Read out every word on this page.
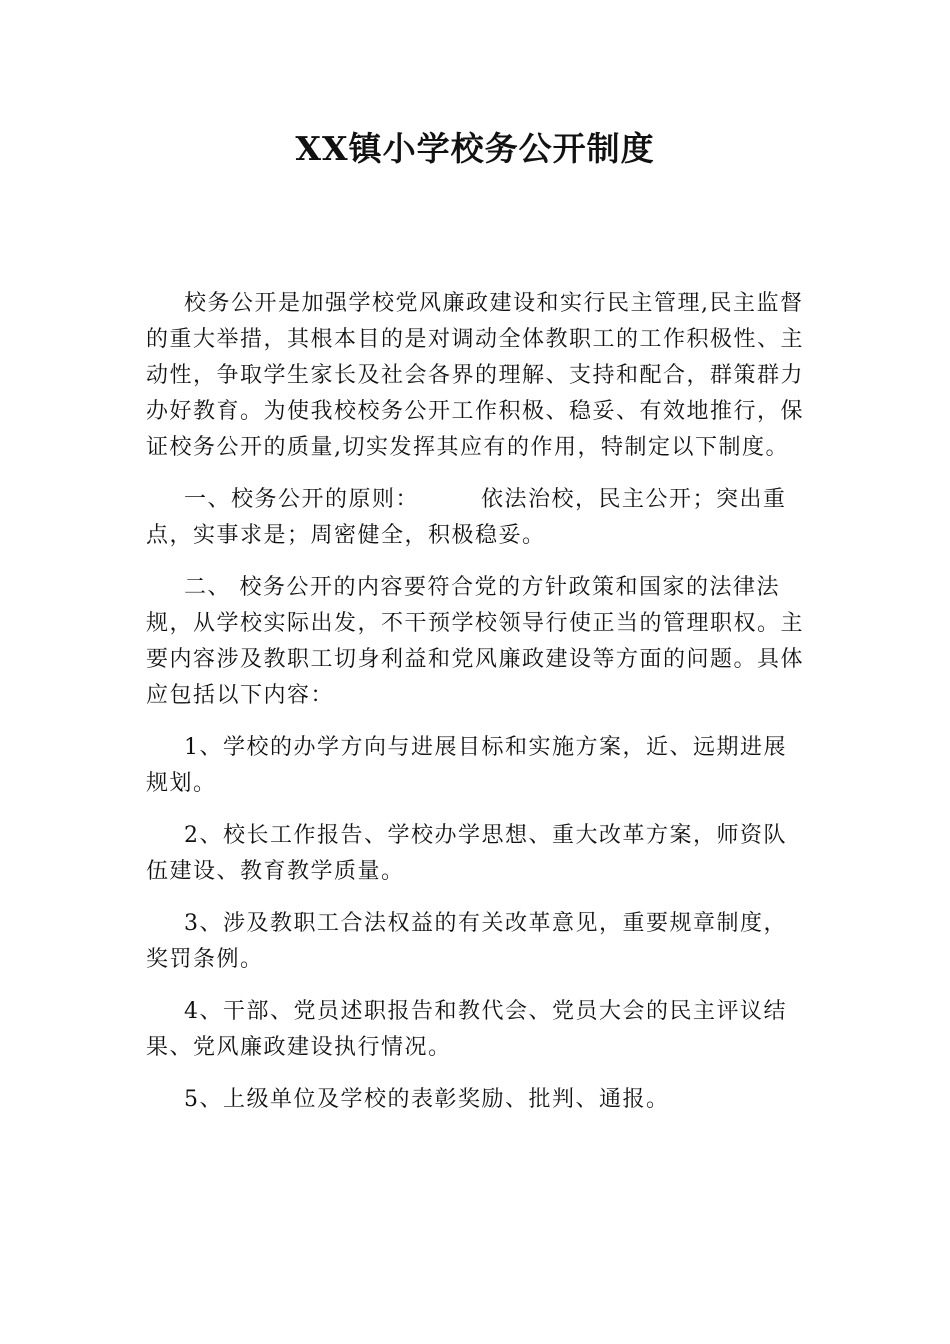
XX镇小学校务公开制度

校务公开是加强学校党风廉政建设和实行民主管理,民主监督的重大举措，其根本目的是对调动全体教职工的工作积极性、主动性，争取学生家长及社会各界的理解、支持和配合，群策群力办好教育。为使我校校务公开工作积极、稳妥、有效地推行，保证校务公开的质量,切实发挥其应有的作用，特制定以下制度。

一、校务公开的原则：	依法治校，民主公开；突出重点，实事求是；周密健全，积极稳妥。

二、 校务公开的内容要符合党的方针政策和国家的法律法规，从学校实际出发，不干预学校领导行使正当的管理职权。主要内容涉及教职工切身利益和党风廉政建设等方面的问题。具体应包括以下内容：

1、学校的办学方向与进展目标和实施方案，近、远期进展规划。

2、校长工作报告、学校办学思想、重大改革方案，师资队伍建设、教育教学质量。

3、涉及教职工合法权益的有关改革意见，重要规章制度，奖罚条例。

4、干部、党员述职报告和教代会、党员大会的民主评议结果、党风廉政建设执行情况。

5、上级单位及学校的表彰奖励、批判、通报。
